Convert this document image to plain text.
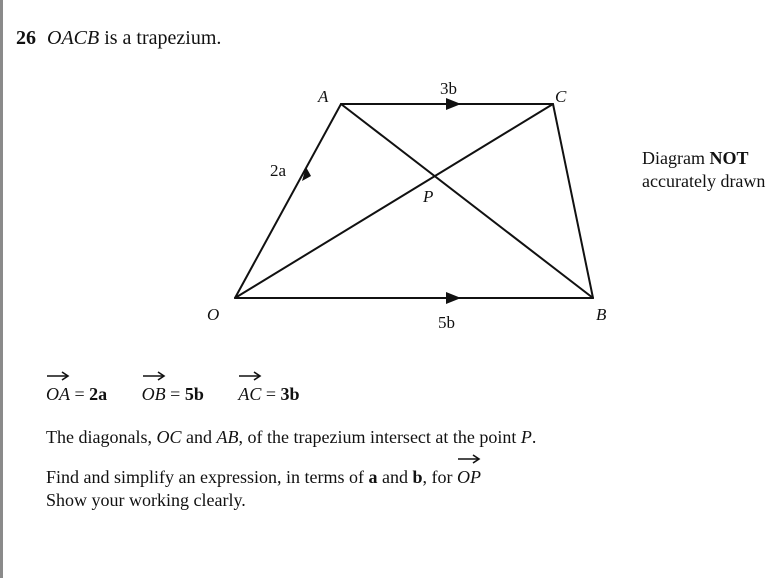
26 OACB is a trapezium.
A	C
O	B
P
3b
2a
5b
Diagram NOT
accurately drawn
OA = 2a OB = 5b AC = 3b
The diagonals, OC and AB, of the trapezium intersect at the point P.
Find and simplify an expression, in terms of a and b, for
OP
Show your working clearly.
